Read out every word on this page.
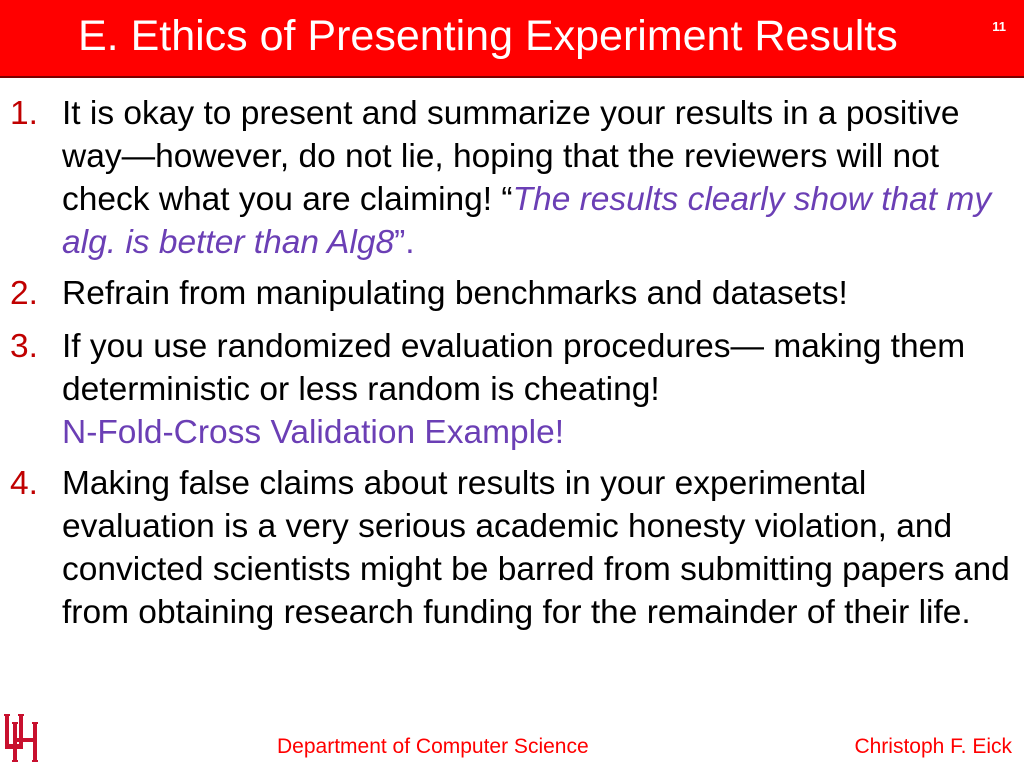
E. Ethics of Presenting Experiment Results	11
1. It is okay to present and summarize your results in a positive way—however, do not lie, hoping that the reviewers will not check what you are claiming! “The results clearly show that my alg. is better than Alg8”.
2. Refrain from manipulating benchmarks and datasets!
3. If you use randomized evaluation procedures— making them deterministic or less random is cheating!
N-Fold-Cross Validation Example!
4. Making false claims about results in your experimental evaluation is a very serious academic honesty violation, and convicted scientists might be barred from submitting papers and from obtaining research funding for the remainder of their life.
Department of Computer Science	Christoph F. Eick
